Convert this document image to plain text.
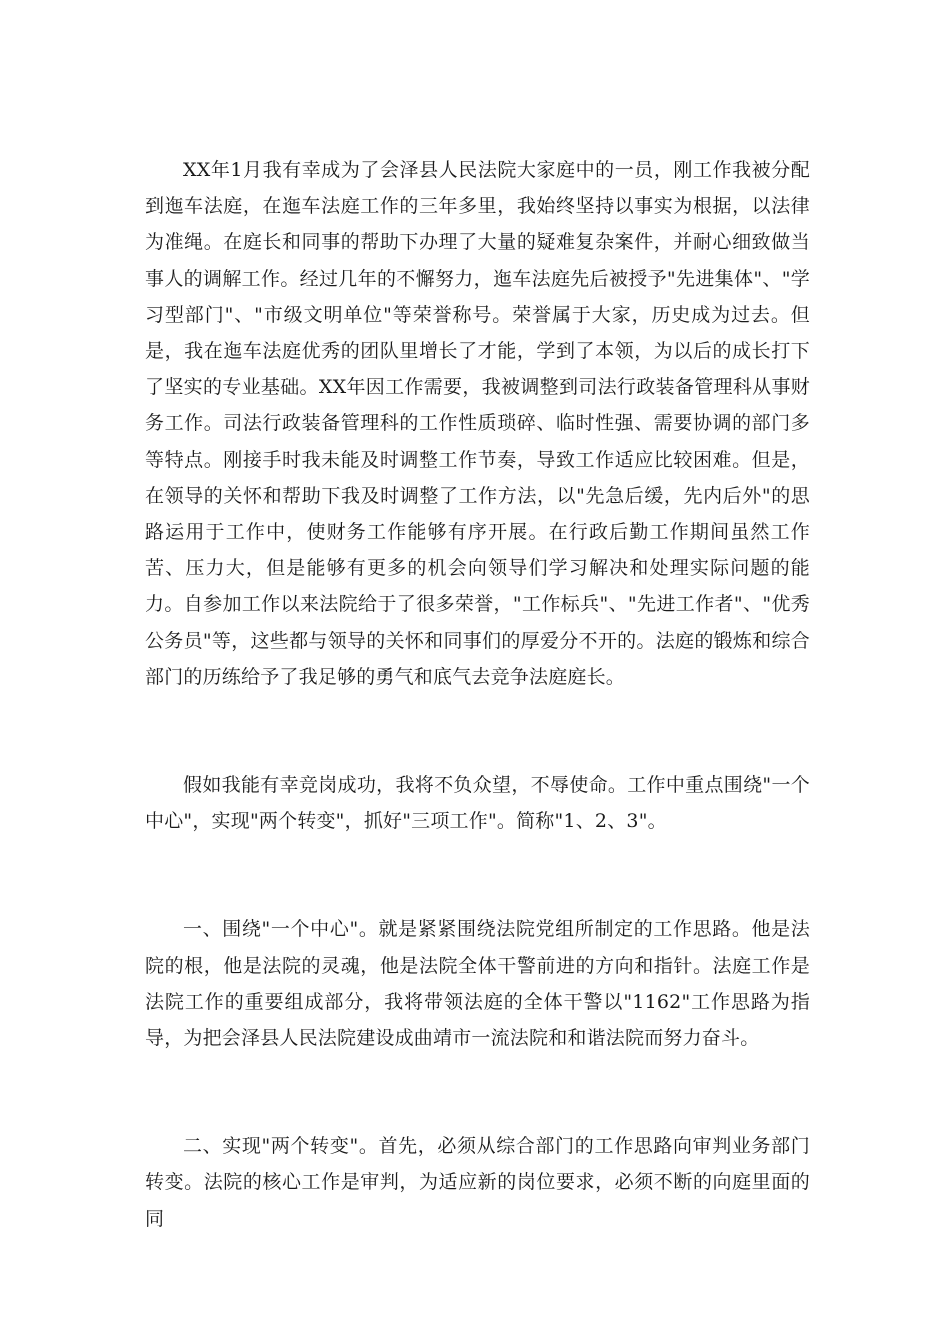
XX年1月我有幸成为了会泽县人民法院大家庭中的一员，刚工作我被分配到迤车法庭，在迤车法庭工作的三年多里，我始终坚持以事实为根据，以法律为准绳。在庭长和同事的帮助下办理了大量的疑难复杂案件，并耐心细致做当事人的调解工作。经过几年的不懈努力，迤车法庭先后被授予"先进集体"、"学习型部门"、"市级文明单位"等荣誉称号。荣誉属于大家，历史成为过去。但是，我在迤车法庭优秀的团队里增长了才能，学到了本领，为以后的成长打下了坚实的专业基础。XX年因工作需要，我被调整到司法行政装备管理科从事财务工作。司法行政装备管理科的工作性质琐碎、临时性强、需要协调的部门多等特点。刚接手时我未能及时调整工作节奏，导致工作适应比较困难。但是，在领导的关怀和帮助下我及时调整了工作方法，以"先急后缓，先内后外"的思路运用于工作中，使财务工作能够有序开展。在行政后勤工作期间虽然工作苦、压力大，但是能够有更多的机会向领导们学习解决和处理实际问题的能力。自参加工作以来法院给于了很多荣誉，"工作标兵"、"先进工作者"、"优秀公务员"等，这些都与领导的关怀和同事们的厚爱分不开的。法庭的锻炼和综合部门的历练给予了我足够的勇气和底气去竞争法庭庭长。

假如我能有幸竞岗成功，我将不负众望，不辱使命。工作中重点围绕"一个中心"，实现"两个转变"，抓好"三项工作"。简称"1、2、3"。

一、围绕"一个中心"。就是紧紧围绕法院党组所制定的工作思路。他是法院的根，他是法院的灵魂，他是法院全体干警前进的方向和指针。法庭工作是法院工作的重要组成部分，我将带领法庭的全体干警以"1162"工作思路为指导，为把会泽县人民法院建设成曲靖市一流法院和和谐法院而努力奋斗。

二、实现"两个转变"。首先，必须从综合部门的工作思路向审判业务部门转变。法院的核心工作是审判，为适应新的岗位要求，必须不断的向庭里面的同
